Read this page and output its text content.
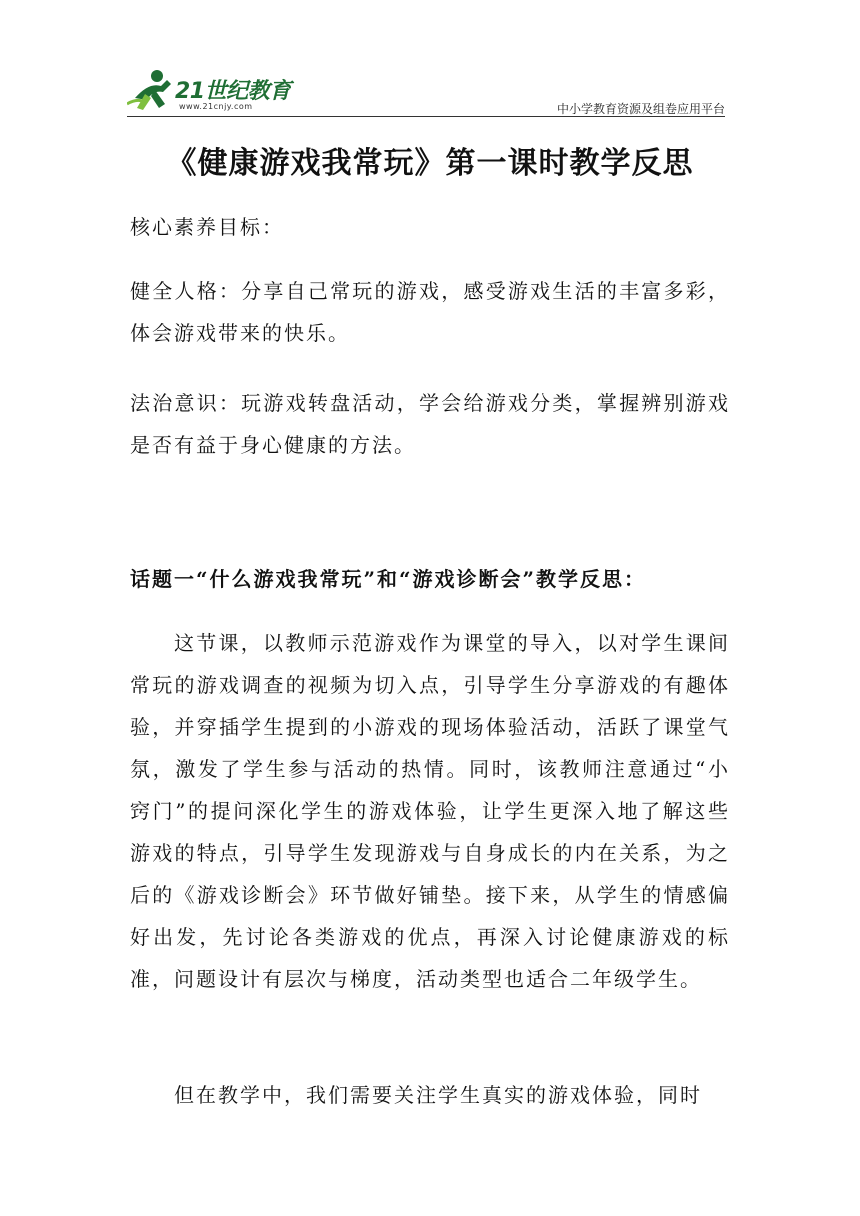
21世纪教育
www.21cnjy.com	中小学教育资源及组卷应用平台
《健康游戏我常玩》第一课时教学反思

核心素养目标：

健全人格：分享自己常玩的游戏，感受游戏生活的丰富多彩，体会游戏带来的快乐。

法治意识：玩游戏转盘活动，学会给游戏分类，掌握辨别游戏是否有益于身心健康的方法。

话题一“什么游戏我常玩”和“游戏诊断会”教学反思：

这节课，以教师示范游戏作为课堂的导入，以对学生课间常玩的游戏调查的视频为切入点，引导学生分享游戏的有趣体验，并穿插学生提到的小游戏的现场体验活动，活跃了课堂气氛，激发了学生参与活动的热情。同时，该教师注意通过“小窍门”的提问深化学生的游戏体验，让学生更深入地了解这些游戏的特点，引导学生发现游戏与自身成长的内在关系，为之后的《游戏诊断会》环节做好铺垫。接下来，从学生的情感偏好出发，先讨论各类游戏的优点，再深入讨论健康游戏的标准，问题设计有层次与梯度，活动类型也适合二年级学生。

但在教学中，我们需要关注学生真实的游戏体验，同时
